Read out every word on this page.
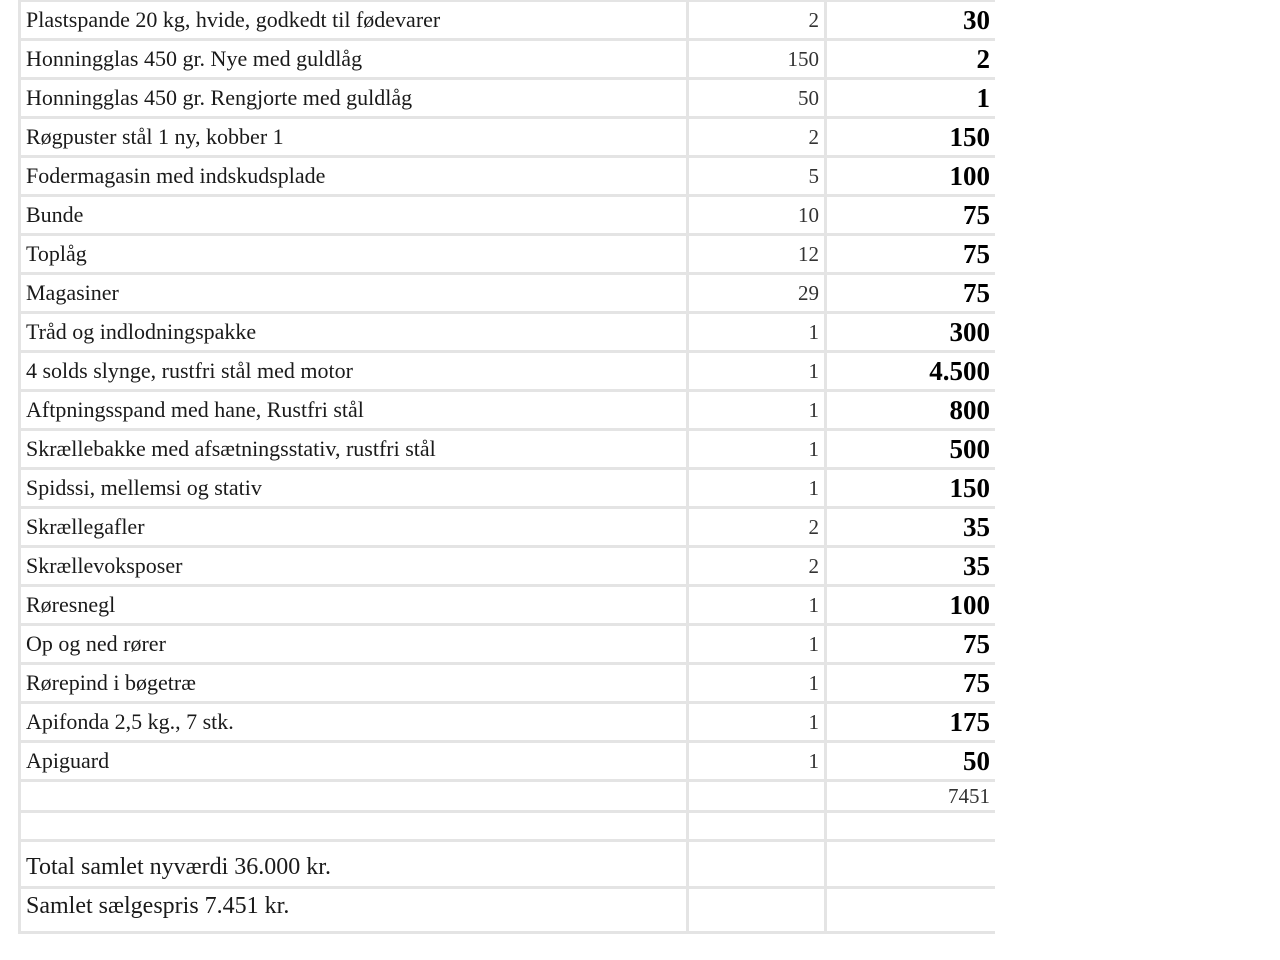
Plastspande 20 kg, hvide, godkedt til fødevarer	2	30
Honningglas 450 gr. Nye med guldlåg	150	2
Honningglas 450 gr. Rengjorte med guldlåg	50	1
Røgpuster stål 1 ny, kobber 1	2	150
Fodermagasin med indskudsplade	5	100
Bunde	10	75
Toplåg	12	75
Magasiner	29	75
Tråd og indlodningspakke	1	300
4 solds slynge, rustfri stål med motor	1	4.500
Aftpningsspand med hane, Rustfri stål	1	800
Skrællebakke med afsætningsstativ, rustfri stål	1	500
Spidssi, mellemsi og stativ	1	150
Skrællegafler	2	35
Skrællevoksposer	2	35
Røresnegl	1	100
Op og ned rører	1	75
Rørepind i bøgetræ	1	75
Apifonda 2,5 kg., 7 stk.	1	175
Apiguard	1	50
		7451

Total samlet nyværdi 36.000 kr.		
Samlet sælgespris 7.451 kr.		
